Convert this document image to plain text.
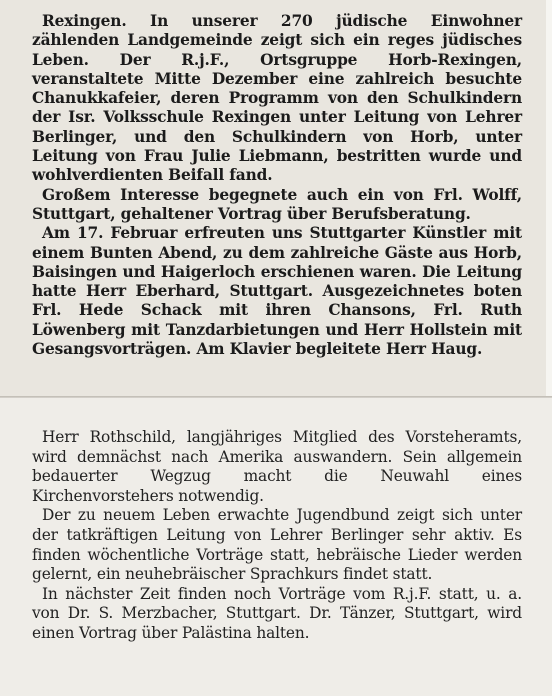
Rexingen. In unserer 270 jüdische Einwohner zählenden Landgemeinde zeigt sich ein reges jüdisches Leben. Der R.j.F., Ortsgruppe Horb-Rexingen, veranstaltete Mitte Dezember eine zahlreich besuchte Chanukkafeier, deren Programm von den Schulkindern der Isr. Volksschule Rexingen unter Leitung von Lehrer Berlinger, und den Schulkindern von Horb, unter Leitung von Frau Julie Liebmann, bestritten wurde und wohlverdienten Beifall fand.

Großem Interesse begegnete auch ein von Frl. Wolff, Stuttgart, gehaltener Vortrag über Berufsberatung.

Am 17. Februar erfreuten uns Stuttgarter Künstler mit einem Bunten Abend, zu dem zahlreiche Gäste aus Horb, Baisingen und Haigerloch erschienen waren. Die Leitung hatte Herr Eberhard, Stuttgart. Ausgezeichnetes boten Frl. Hede Schack mit ihren Chansons, Frl. Ruth Löwenberg mit Tanzdarbietungen und Herr Hollstein mit Gesangsvorträgen. Am Klavier begleitete Herr Haug.

Herr Rothschild, langjähriges Mitglied des Vorsteheramts, wird demnächst nach Amerika auswandern. Sein allgemein bedauerter Wegzug macht die Neuwahl eines Kirchenvorstehers notwendig.

Der zu neuem Leben erwachte Jugendbund zeigt sich unter der tatkräftigen Leitung von Lehrer Berlinger sehr aktiv. Es finden wöchentliche Vorträge statt, hebräische Lieder werden gelernt, ein neuhebräischer Sprachkurs findet statt.

In nächster Zeit finden noch Vorträge vom R.j.F. statt, u. a. von Dr. S. Merzbacher, Stuttgart. Dr. Tänzer, Stuttgart, wird einen Vortrag über Palästina halten.
